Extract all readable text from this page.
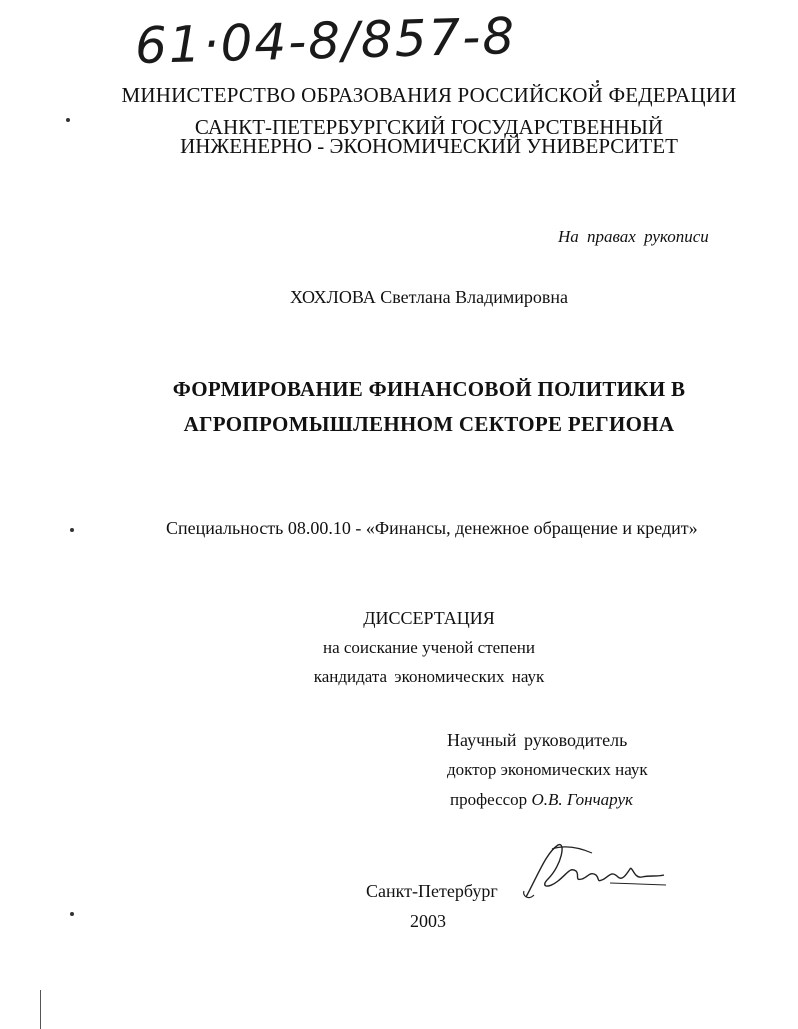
61·04-8/857-8
МИНИСТЕРСТВО ОБРАЗОВАНИЯ РОССИЙСКОЙ ФЕДЕРАЦИИ
САНКТ-ПЕТЕРБУРГСКИЙ ГОСУДАРСТВЕННЫЙ
ИНЖЕНЕРНО - ЭКОНОМИЧЕСКИЙ УНИВЕРСИТЕТ
На правах рукописи
ХОХЛОВА Светлана Владимировна
ФОРМИРОВАНИЕ ФИНАНСОВОЙ ПОЛИТИКИ В
АГРОПРОМЫШЛЕННОМ СЕКТОРЕ РЕГИОНА
Специальность 08.00.10 - «Финансы, денежное обращение и кредит»
ДИССЕРТАЦИЯ
на соискание ученой степени
кандидата экономических наук
Научный руководитель
доктор экономических наук
профессор О.В. Гончарук
Санкт-Петербург
2003
